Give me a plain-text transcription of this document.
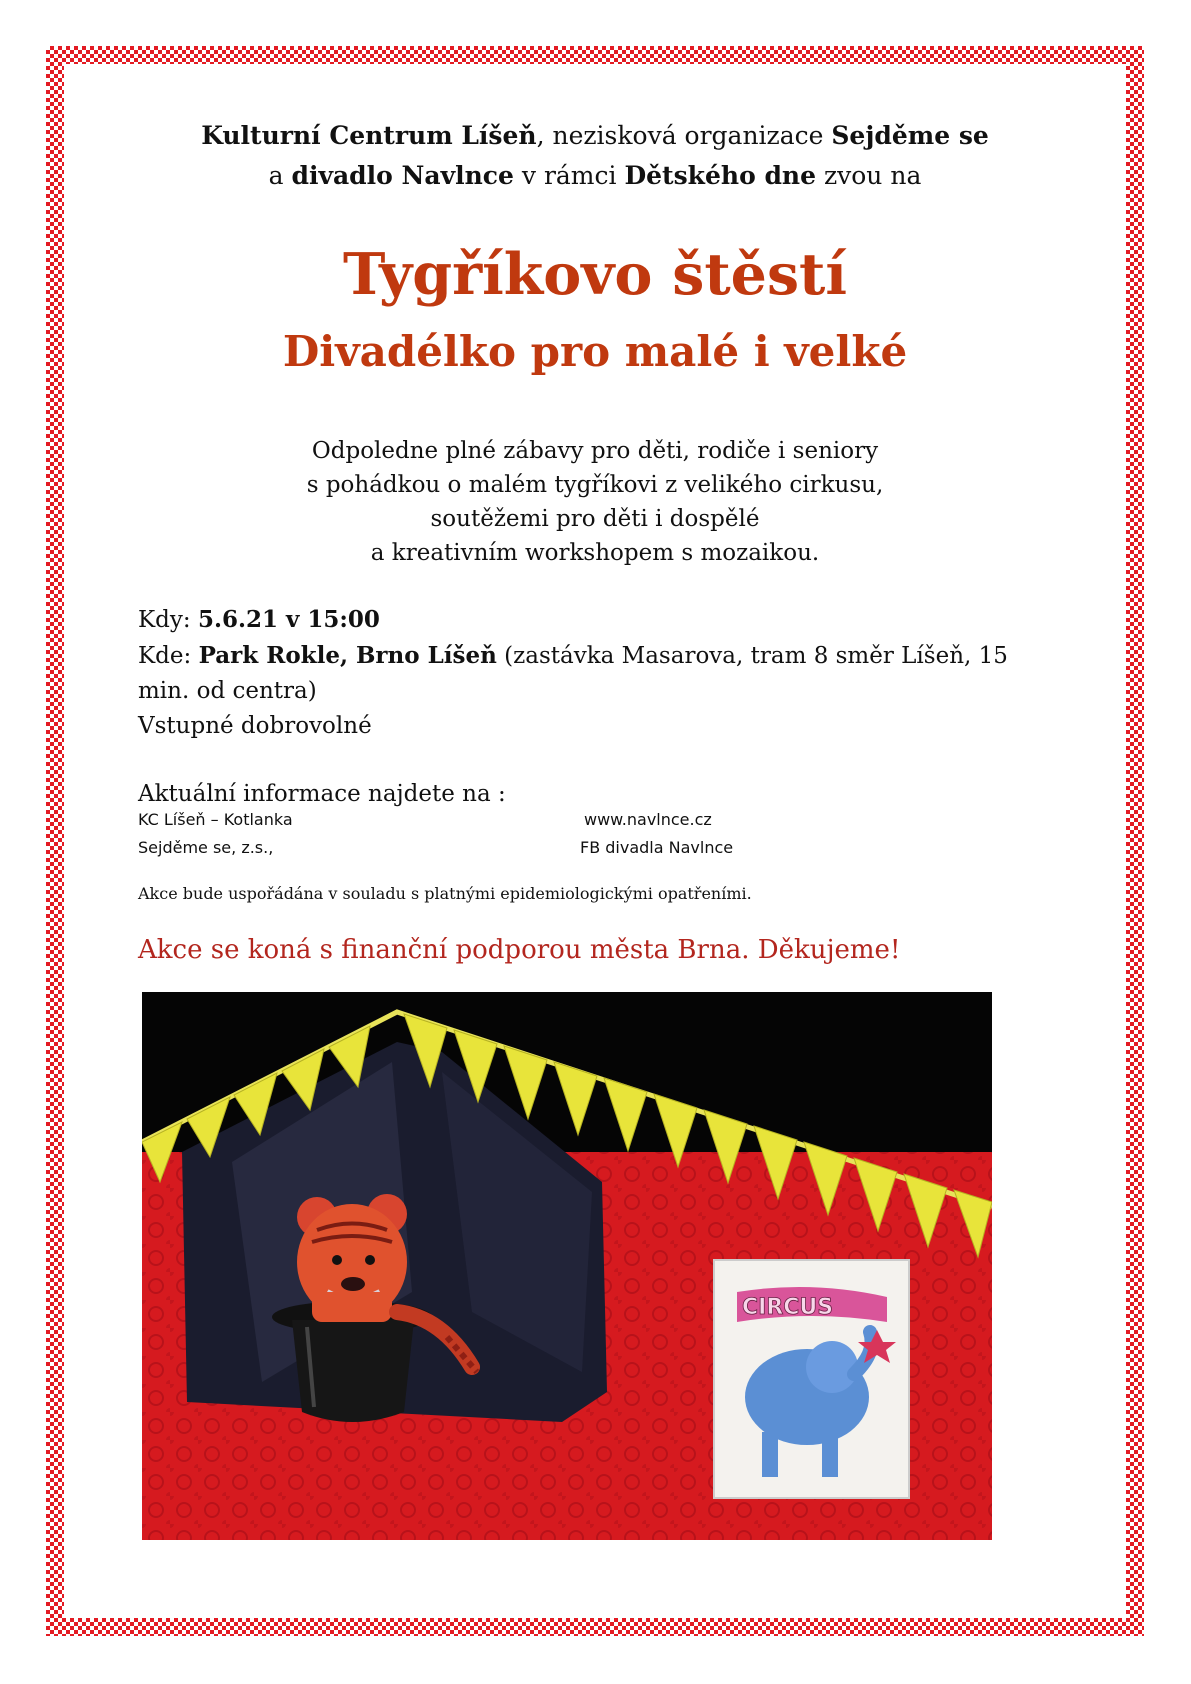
Kulturní Centrum Líšeň, nezisková organizace Sejděme se
a divadlo Navlnce v rámci Dětského dne zvou na
Tygříkovo štěstí
Divadélko pro malé i velké
Odpoledne plné zábavy pro děti, rodiče i seniory
s pohádkou o malém tygříkovi z velikého cirkusu,
soutěžemi pro děti i dospělé
a kreativním workshopem s mozaikou.
Kdy: 5.6.21 v 15:00
Kde: Park Rokle, Brno Líšeň (zastávka Masarova, tram 8 směr Líšeň, 15 min. od centra)
Vstupné dobrovolné
Aktuální informace najdete na :
KC Líšeň – Kotlanka
Sejděme se, z.s.,
www.navlnce.cz
FB divadla Navlnce
Akce bude uspořádána v souladu s platnými epidemiologickými opatřeními.
Akce se koná s finanční podporou města Brna. Děkujeme!
CIRCUS
